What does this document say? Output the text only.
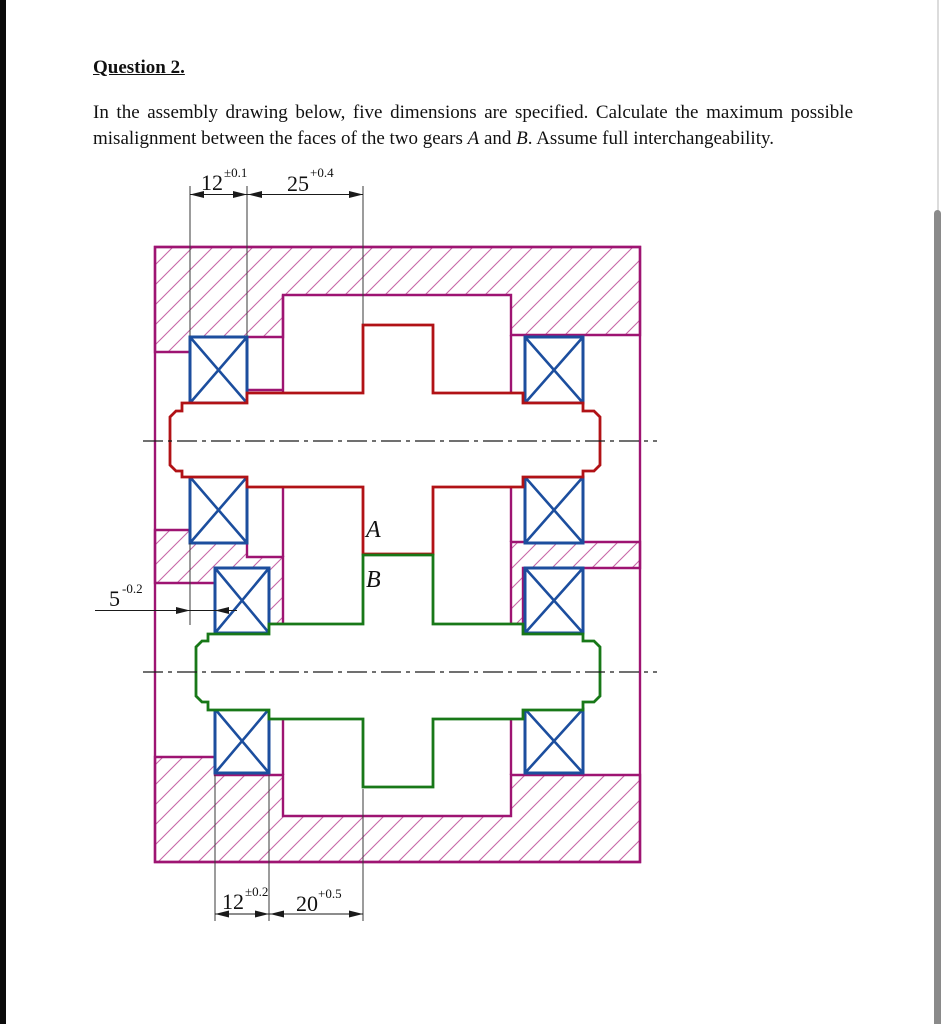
Question 2.

In the assembly drawing below, five dimensions are specified. Calculate the maximum possible
misalignment between the faces of the two gears A and B. Assume full interchangeability.
A
B
12 ±0.1 25 +0.4
5 -0.2
12 ±0.2 20 +0.5
